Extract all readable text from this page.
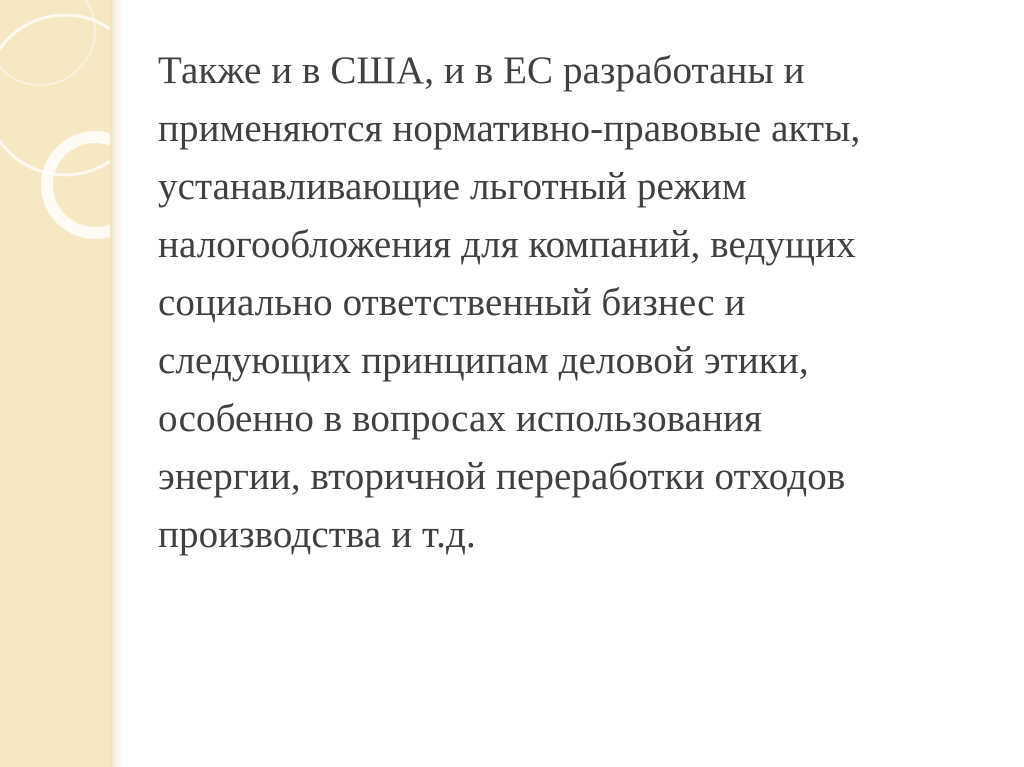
Также и в США, и в ЕС разработаны и
применяются нормативно-правовые акты,
устанавливающие льготный режим
налогообложения для компаний, ведущих
социально ответственный бизнес и
следующих принципам деловой этики,
особенно в вопросах использования
энергии, вторичной переработки отходов
производства и т.д.
